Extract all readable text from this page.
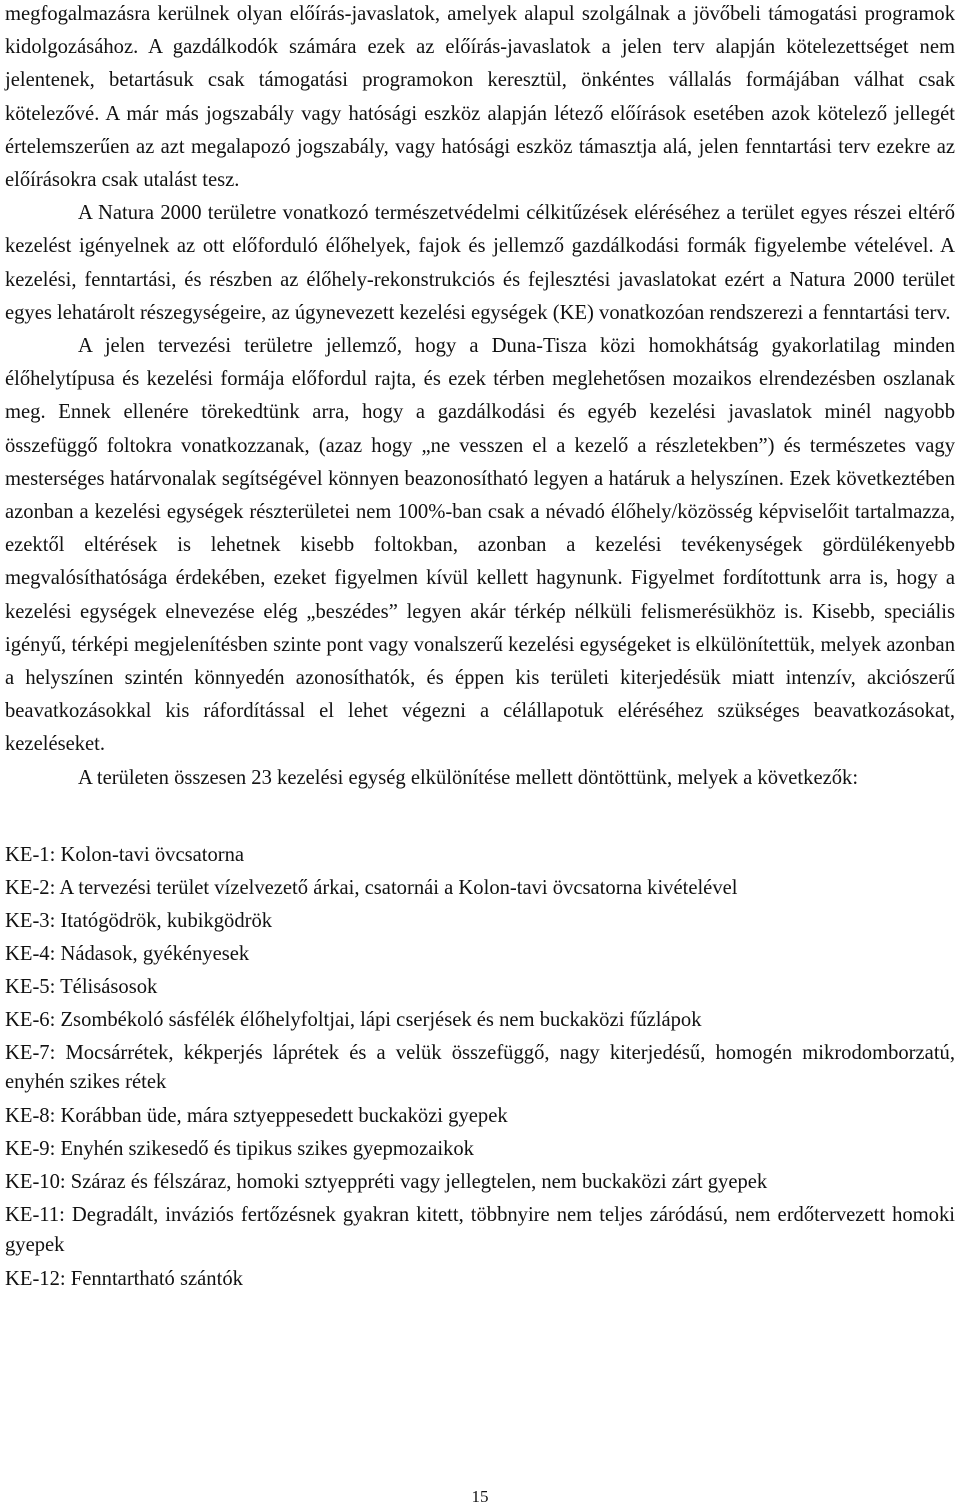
megfogalmazásra kerülnek olyan előírás-javaslatok, amelyek alapul szolgálnak a jövőbeli támogatási programok kidolgozásához. A gazdálkodók számára ezek az előírás-javaslatok a jelen terv alapján kötelezettséget nem jelentenek, betartásuk csak támogatási programokon keresztül, önkéntes vállalás formájában válhat csak kötelezővé. A már más jogszabály vagy hatósági eszköz alapján létező előírások esetében azok kötelező jellegét értelemszerűen az azt megalapozó jogszabály, vagy hatósági eszköz támasztja alá, jelen fenntartási terv ezekre az előírásokra csak utalást tesz.

A Natura 2000 területre vonatkozó természetvédelmi célkitűzések eléréséhez a terület egyes részei eltérő kezelést igényelnek az ott előforduló élőhelyek, fajok és jellemző gazdálkodási formák figyelembe vételével. A kezelési, fenntartási, és részben az élőhely-rekonstrukciós és fejlesztési javaslatokat ezért a Natura 2000 terület egyes lehatárolt részegységeire, az úgynevezett kezelési egységek (KE) vonatkozóan rendszerezi a fenntartási terv.

A jelen tervezési területre jellemző, hogy a Duna-Tisza közi homokhátság gyakorlatilag minden élőhelytípusa és kezelési formája előfordul rajta, és ezek térben meglehetősen mozaikos elrendezésben oszlanak meg. Ennek ellenére törekedtünk arra, hogy a gazdálkodási és egyéb kezelési javaslatok minél nagyobb összefüggő foltokra vonatkozzanak, (azaz hogy „ne vesszen el a kezelő a részletekben”) és természetes vagy mesterséges határvonalak segítségével könnyen beazonosítható legyen a határuk a helyszínen. Ezek következtében azonban a kezelési egységek részterületei nem 100%-ban csak a névadó élőhely/közösség képviselőit tartalmazza, ezektől eltérések is lehetnek kisebb foltokban, azonban a kezelési tevékenységek gördülékenyebb megvalósíthatósága érdekében, ezeket figyelmen kívül kellett hagynunk. Figyelmet fordítottunk arra is, hogy a kezelési egységek elnevezése elég „beszédes” legyen akár térkép nélküli felismerésükhöz is. Kisebb, speciális igényű, térképi megjelenítésben szinte pont vagy vonalszerű kezelési egységeket is elkülönítettük, melyek azonban a helyszínen szintén könnyedén azonosíthatók, és éppen kis területi kiterjedésük miatt intenzív, akciószerű beavatkozásokkal kis ráfordítással el lehet végezni a célállapotuk eléréséhez szükséges beavatkozásokat, kezeléseket.

A területen összesen 23 kezelési egység elkülönítése mellett döntöttünk, melyek a következők:

KE-1: Kolon-tavi övcsatorna

KE-2: A tervezési terület vízelvezető árkai, csatornái a Kolon-tavi övcsatorna kivételével

KE-3: Itatógödrök, kubikgödrök

KE-4: Nádasok, gyékényesek

KE-5: Télisásosok

KE-6: Zsombékoló sásfélék élőhelyfoltjai, lápi cserjések és nem buckaközi fűzlápok

KE-7: Mocsárrétek, kékperjés láprétek és a velük összefüggő, nagy kiterjedésű, homogén mikrodomborzatú, enyhén szikes rétek

KE-8: Korábban üde, mára sztyeppesedett buckaközi gyepek

KE-9: Enyhén szikesedő és tipikus szikes gyepmozaikok

KE-10: Száraz és félszáraz, homoki sztyeppréti vagy jellegtelen, nem buckaközi zárt gyepek

KE-11: Degradált, inváziós fertőzésnek gyakran kitett, többnyire nem teljes záródású, nem erdőtervezett homoki gyepek

KE-12: Fenntartható szántók

15
